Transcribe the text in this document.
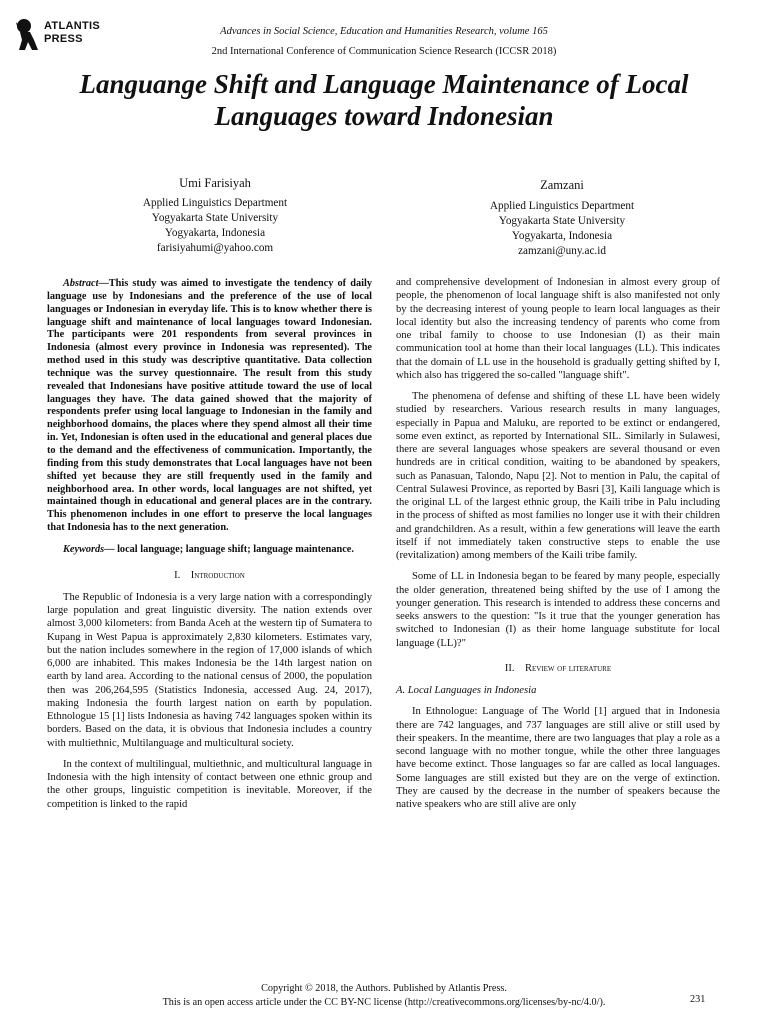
ATLANTIS
PRESS
Advances in Social Science, Education and Humanities Research, volume 165
2nd International Conference of Communication Science Research (ICCSR 2018)
Languange Shift and Language Maintenance of Local Languages toward Indonesian
Umi Farisiyah
Applied Linguistics Department
Yogyakarta State University
Yogyakarta, Indonesia
farisiyahumi@yahoo.com
Zamzani
Applied Linguistics Department
Yogyakarta State University
Yogyakarta, Indonesia
zamzani@uny.ac.id

Abstract—This study was aimed to investigate the tendency of daily language use by Indonesians and the preference of the use of local languages or Indonesian in everyday life. This is to know whether there is language shift and maintenance of local languages toward Indonesian. The participants were 201 respondents from several provinces in Indonesia (almost every province in Indonesia was represented). The method used in this study was descriptive quantitative. Data collection technique was the survey questionnaire. The result from this study revealed that Indonesians have positive attitude toward the use of local languages they have. The data gained showed that the majority of respondents prefer using local language to Indonesian in the family and neighborhood domains, the places where they spend almost all their time in. Yet, Indonesian is often used in the educational and general places due to the demand and the effectiveness of communication. Importantly, the finding from this study demonstrates that Local languages have not been shifted yet because they are still frequently used in the family and neighborhood area. In other words, local languages are not shifted, yet maintained though in educational and general places are in the contrary. This phenomenon includes in one effort to preserve the local languages that Indonesia has to the next generation.

Keywords— local language; language shift; language maintenance.

I. Introduction

The Republic of Indonesia is a very large nation with a correspondingly large population and great linguistic diversity. The nation extends over almost 3,000 kilometers: from Banda Aceh at the western tip of Sumatera to Kupang in West Papua is approximately 2,830 kilometers. Estimates vary, but the nation includes somewhere in the region of 17,000 islands of which 6,000 are inhabited. This makes Indonesia be the 14th largest nation on earth by land area. According to the national census of 2000, the population then was 206,264,595 (Statistics Indonesia, accessed Aug. 24, 2017), making Indonesia the fourth largest nation on earth by population. Ethnologue 15 [1] lists Indonesia as having 742 languages spoken within its borders. Based on the data, it is obvious that Indonesia includes a country with multiethnic, Multilanguage and multicultural society.

In the context of multilingual, multiethnic, and multicultural language in Indonesia with the high intensity of contact between one ethnic group and the other groups, linguistic competition is inevitable. Moreover, if the competition is linked to the rapid

and comprehensive development of Indonesian in almost every group of people, the phenomenon of local language shift is also manifested not only by the decreasing interest of young people to learn local languages as their local identity but also the increasing tendency of parents who come from one tribal family to choose to use Indonesian (I) as their main communication tool at home than their local languages (LL). This indicates that the domain of LL use in the household is gradually getting shifted by I, which also has triggered the so-called "language shift".

The phenomena of defense and shifting of these LL have been widely studied by researchers. Various research results in many languages, especially in Papua and Maluku, are reported to be extinct or endangered, some even extinct, as reported by International SIL. Similarly in Sulawesi, there are several languages whose speakers are several thousand or even hundreds are in critical condition, waiting to be abandoned by speakers, such as Panasuan, Talondo, Napu [2]. Not to mention in Palu, the capital of Central Sulawesi Province, as reported by Basri [3], Kaili language which is the original LL of the largest ethnic group, the Kaili tribe in Palu including in the process of shifted as most families no longer use it with their children and grandchildren. As a result, within a few generations will leave the earth itself if not immediately taken constructive steps to enable the use (revitalization) among members of the Kaili tribe family.

Some of LL in Indonesia began to be feared by many people, especially the older generation, threatened being shifted by the use of I among the younger generation. This research is intended to address these concerns and seeks answers to the question: "Is it true that the younger generation has switched to Indonesian (I) as their home language substitute for local language (LL)?"

II. Review of literature

A. Local Languages in Indonesia

In Ethnologue: Language of The World [1] argued that in Indonesia there are 742 languages, and 737 languages are still alive or still used by their speakers. In the meantime, there are two languages that play a role as a second language with no mother tongue, while the other three languages have become extinct. Those languages so far are called as local languages. Some languages are still existed but they are on the verge of extinction. They are caused by the decrease in the number of speakers because the native speakers who are still alive are only

Copyright © 2018, the Authors. Published by Atlantis Press.
This is an open access article under the CC BY-NC license (http://creativecommons.org/licenses/by-nc/4.0/).	231
